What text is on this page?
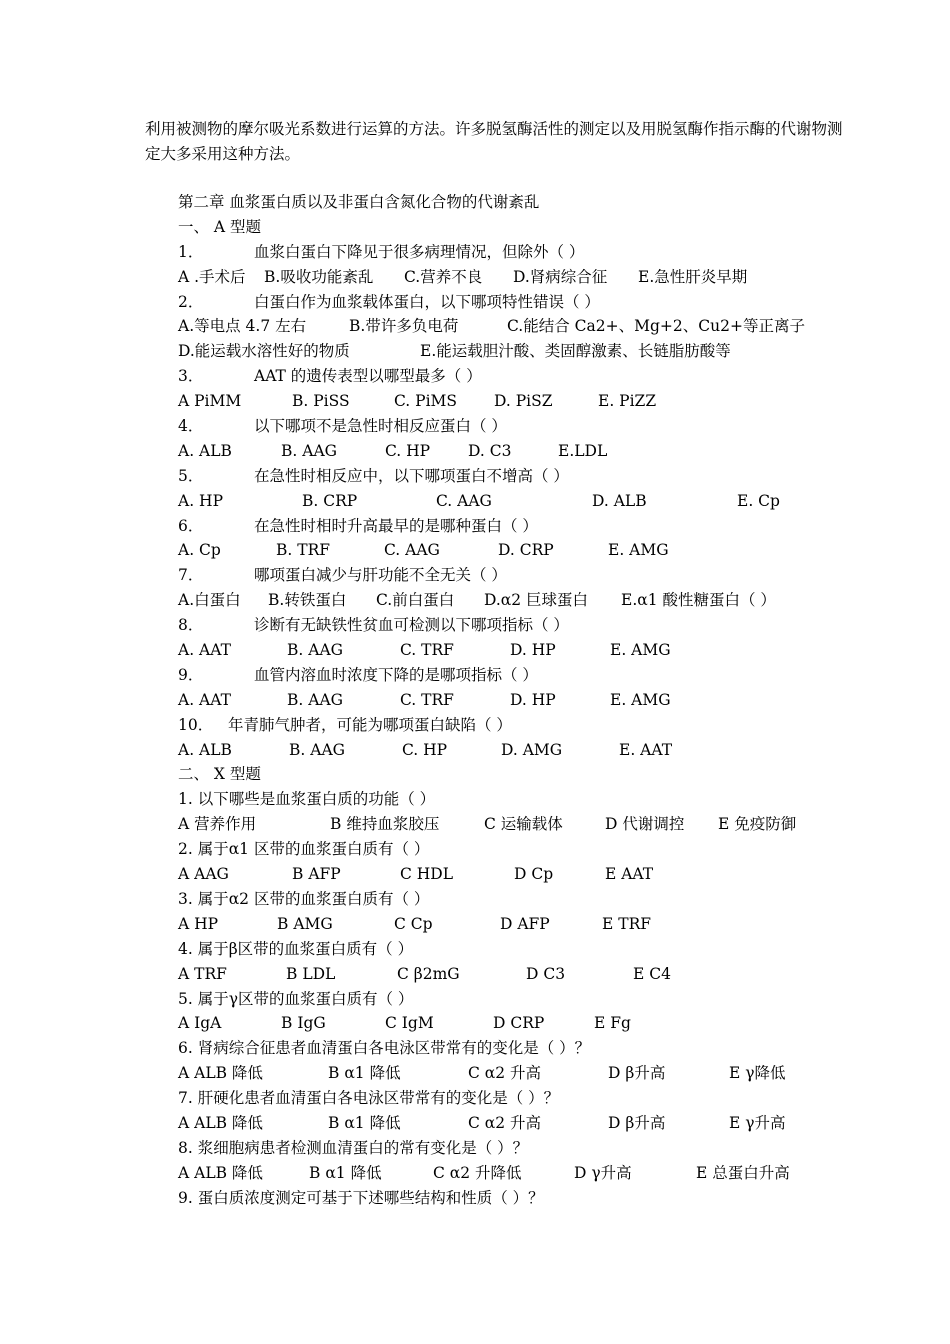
利用被测物的摩尔吸光系数进行运算的方法。许多脱氢酶活性的测定以及用脱氢酶作指示酶的代谢物测定大多采用这种方法。
第二章 血浆蛋白质以及非蛋白含氮化合物的代谢紊乱
一、 A 型题
1．	血浆白蛋白下降见于很多病理情况，但除外（ ）
A .手术后 B.吸收功能紊乱 C.营养不良 D.肾病综合征 E.急性肝炎早期
2．	白蛋白作为血浆载体蛋白，以下哪项特性错误（ ）
A.等电点 4.7 左右	B.带许多负电荷	C.能结合 Ca2+、Mg+2、Cu2+等正离子
D.能运载水溶性好的物质	E.能运载胆汁酸、类固醇激素、长链脂肪酸等
3．	AAT 的遗传表型以哪型最多（ ）
A PiMM	B. PiSS	C. PiMS D. PiSZ	E. PiZZ
4．	以下哪项不是急性时相反应蛋白（ ）
A. ALB	B. AAG	C. HP D. C3	E.LDL
5．	在急性时相反应中，以下哪项蛋白不增高（ ）
A. HP	B. CRP	C. AAG	D. ALB	E. Cp
6．	在急性时相时升高最早的是哪种蛋白（ ）
A. Cp	B. TRF	C. AAG	D. CRP	E. AMG
7．	哪项蛋白减少与肝功能不全无关（ ）
A.白蛋白 B.转铁蛋白 C.前白蛋白 D.α2 巨球蛋白 E.α1 酸性糖蛋白（ ）
8．	诊断有无缺铁性贫血可检测以下哪项指标（ ）
A. AAT	B. AAG	C. TRF	D. HP	E. AMG
9．	血管内溶血时浓度下降的是哪项指标（ ）
A. AAT	B. AAG	C. TRF	D. HP	E. AMG
10． 年青肺气肿者，可能为哪项蛋白缺陷（ ）
A. ALB	B. AAG	C. HP	D. AMG	E. AAT
二、 X 型题
1. 以下哪些是血浆蛋白质的功能（ ）
A 营养作用	B 维持血浆胶压	C 运输载体	D 代谢调控 E 免疫防御
2. 属于α1 区带的血浆蛋白质有（ ）
A AAG	B AFP	C HDL	D Cp	E AAT
3. 属于α2 区带的血浆蛋白质有（ ）
A HP	B AMG	C Cp	D AFP	E TRF
4. 属于β区带的血浆蛋白质有（ ）
A TRF	B LDL	C β2mG	D C3	E C4
5. 属于γ区带的血浆蛋白质有（ ）
A IgA	B IgG	C IgM	D CRP	E Fg
6. 肾病综合征患者血清蛋白各电泳区带常有的变化是（ ）？
A ALB 降低	B α1 降低	C α2 升高	D β升高	E γ降低
7. 肝硬化患者血清蛋白各电泳区带常有的变化是（ ）？
A ALB 降低	B α1 降低	C α2 升高	D β升高	E γ升高
8. 浆细胞病患者检测血清蛋白的常有变化是（ ）？
A ALB 降低	B α1 降低	C α2 升降低	D γ升高	E 总蛋白升高
9. 蛋白质浓度测定可基于下述哪些结构和性质（ ）？
